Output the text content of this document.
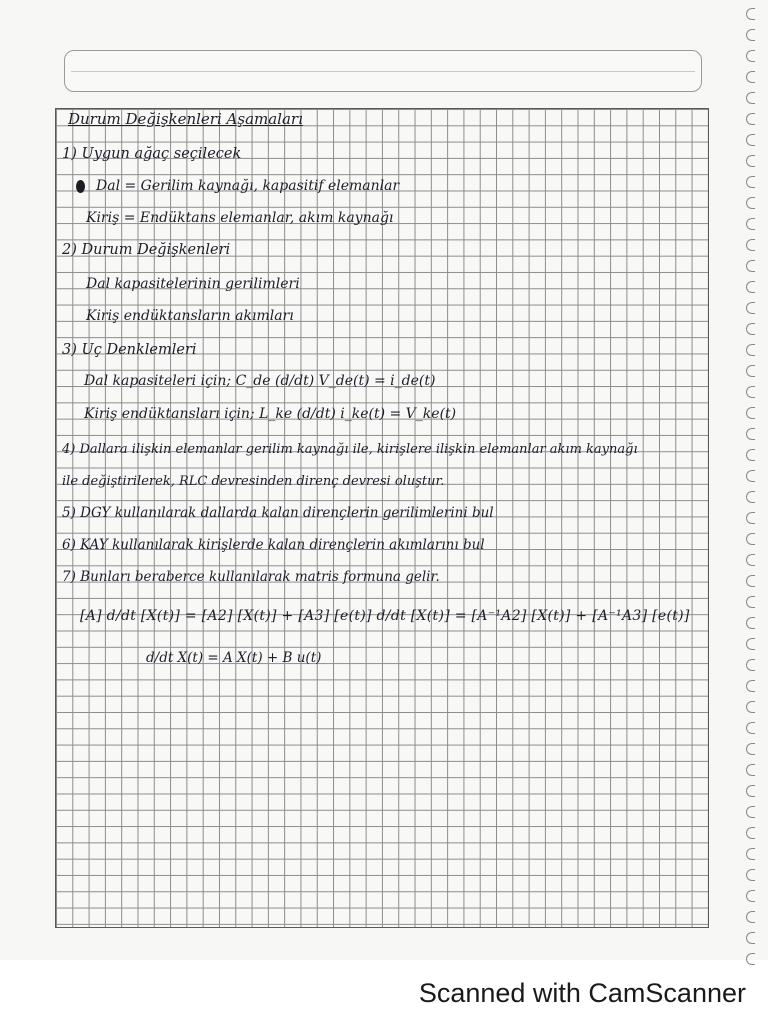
Durum Değişkenleri Aşamaları
1) Uygun ağaç seçilecek
Dal = Gerilim kaynağı, kapasitif elemanlar
Kiriş = Endüktans elemanlar, akım kaynağı
2) Durum Değişkenleri
Dal kapasitelerinin gerilimleri
Kiriş endüktansların akımları
3) Uç Denklemleri
Dal kapasiteleri için; C_de (d/dt) V_de(t) = i_de(t)
Kiriş endüktansları için; L_ke (d/dt) i_ke(t) = V_ke(t)
4) Dallara ilişkin elemanlar gerilim kaynağı ile, kirişlere ilişkin elemanlar akım kaynağı
ile değiştirilerek, RLC devresinden direnç devresi oluştur.
5) DGY kullanılarak dallarda kalan dirençlerin gerilimlerini bul
6) KAY kullanılarak kirişlerde kalan dirençlerin akımlarını bul
7) Bunları beraberce kullanılarak matris formuna gelir.
[A] d/dt [X(t)] = [A2] [X(t)] + [A3] [e(t)] d/dt [X(t)] = [A⁻¹A2] [X(t)] + [A⁻¹A3] [e(t)]
d/dt X(t) = A X(t) + B u(t)
Scanned with CamScanner
